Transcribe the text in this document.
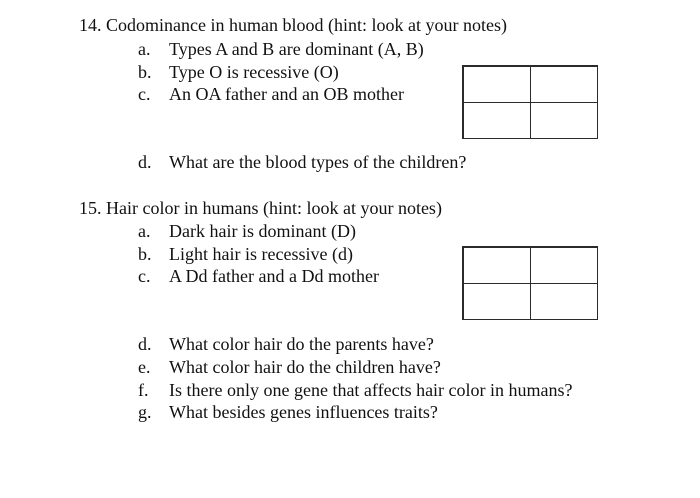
14. Codominance in human blood (hint: look at your notes)
a. Types A and B are dominant (A, B)
b. Type O is recessive (O)
c. An OA father and an OB mother
d. What are the blood types of the children?
15. Hair color in humans (hint: look at your notes)
a. Dark hair is dominant (D)
b. Light hair is recessive (d)
c. A Dd father and a Dd mother
d. What color hair do the parents have?
e. What color hair do the children have?
f. Is there only one gene that affects hair color in humans?
g. What besides genes influences traits?
